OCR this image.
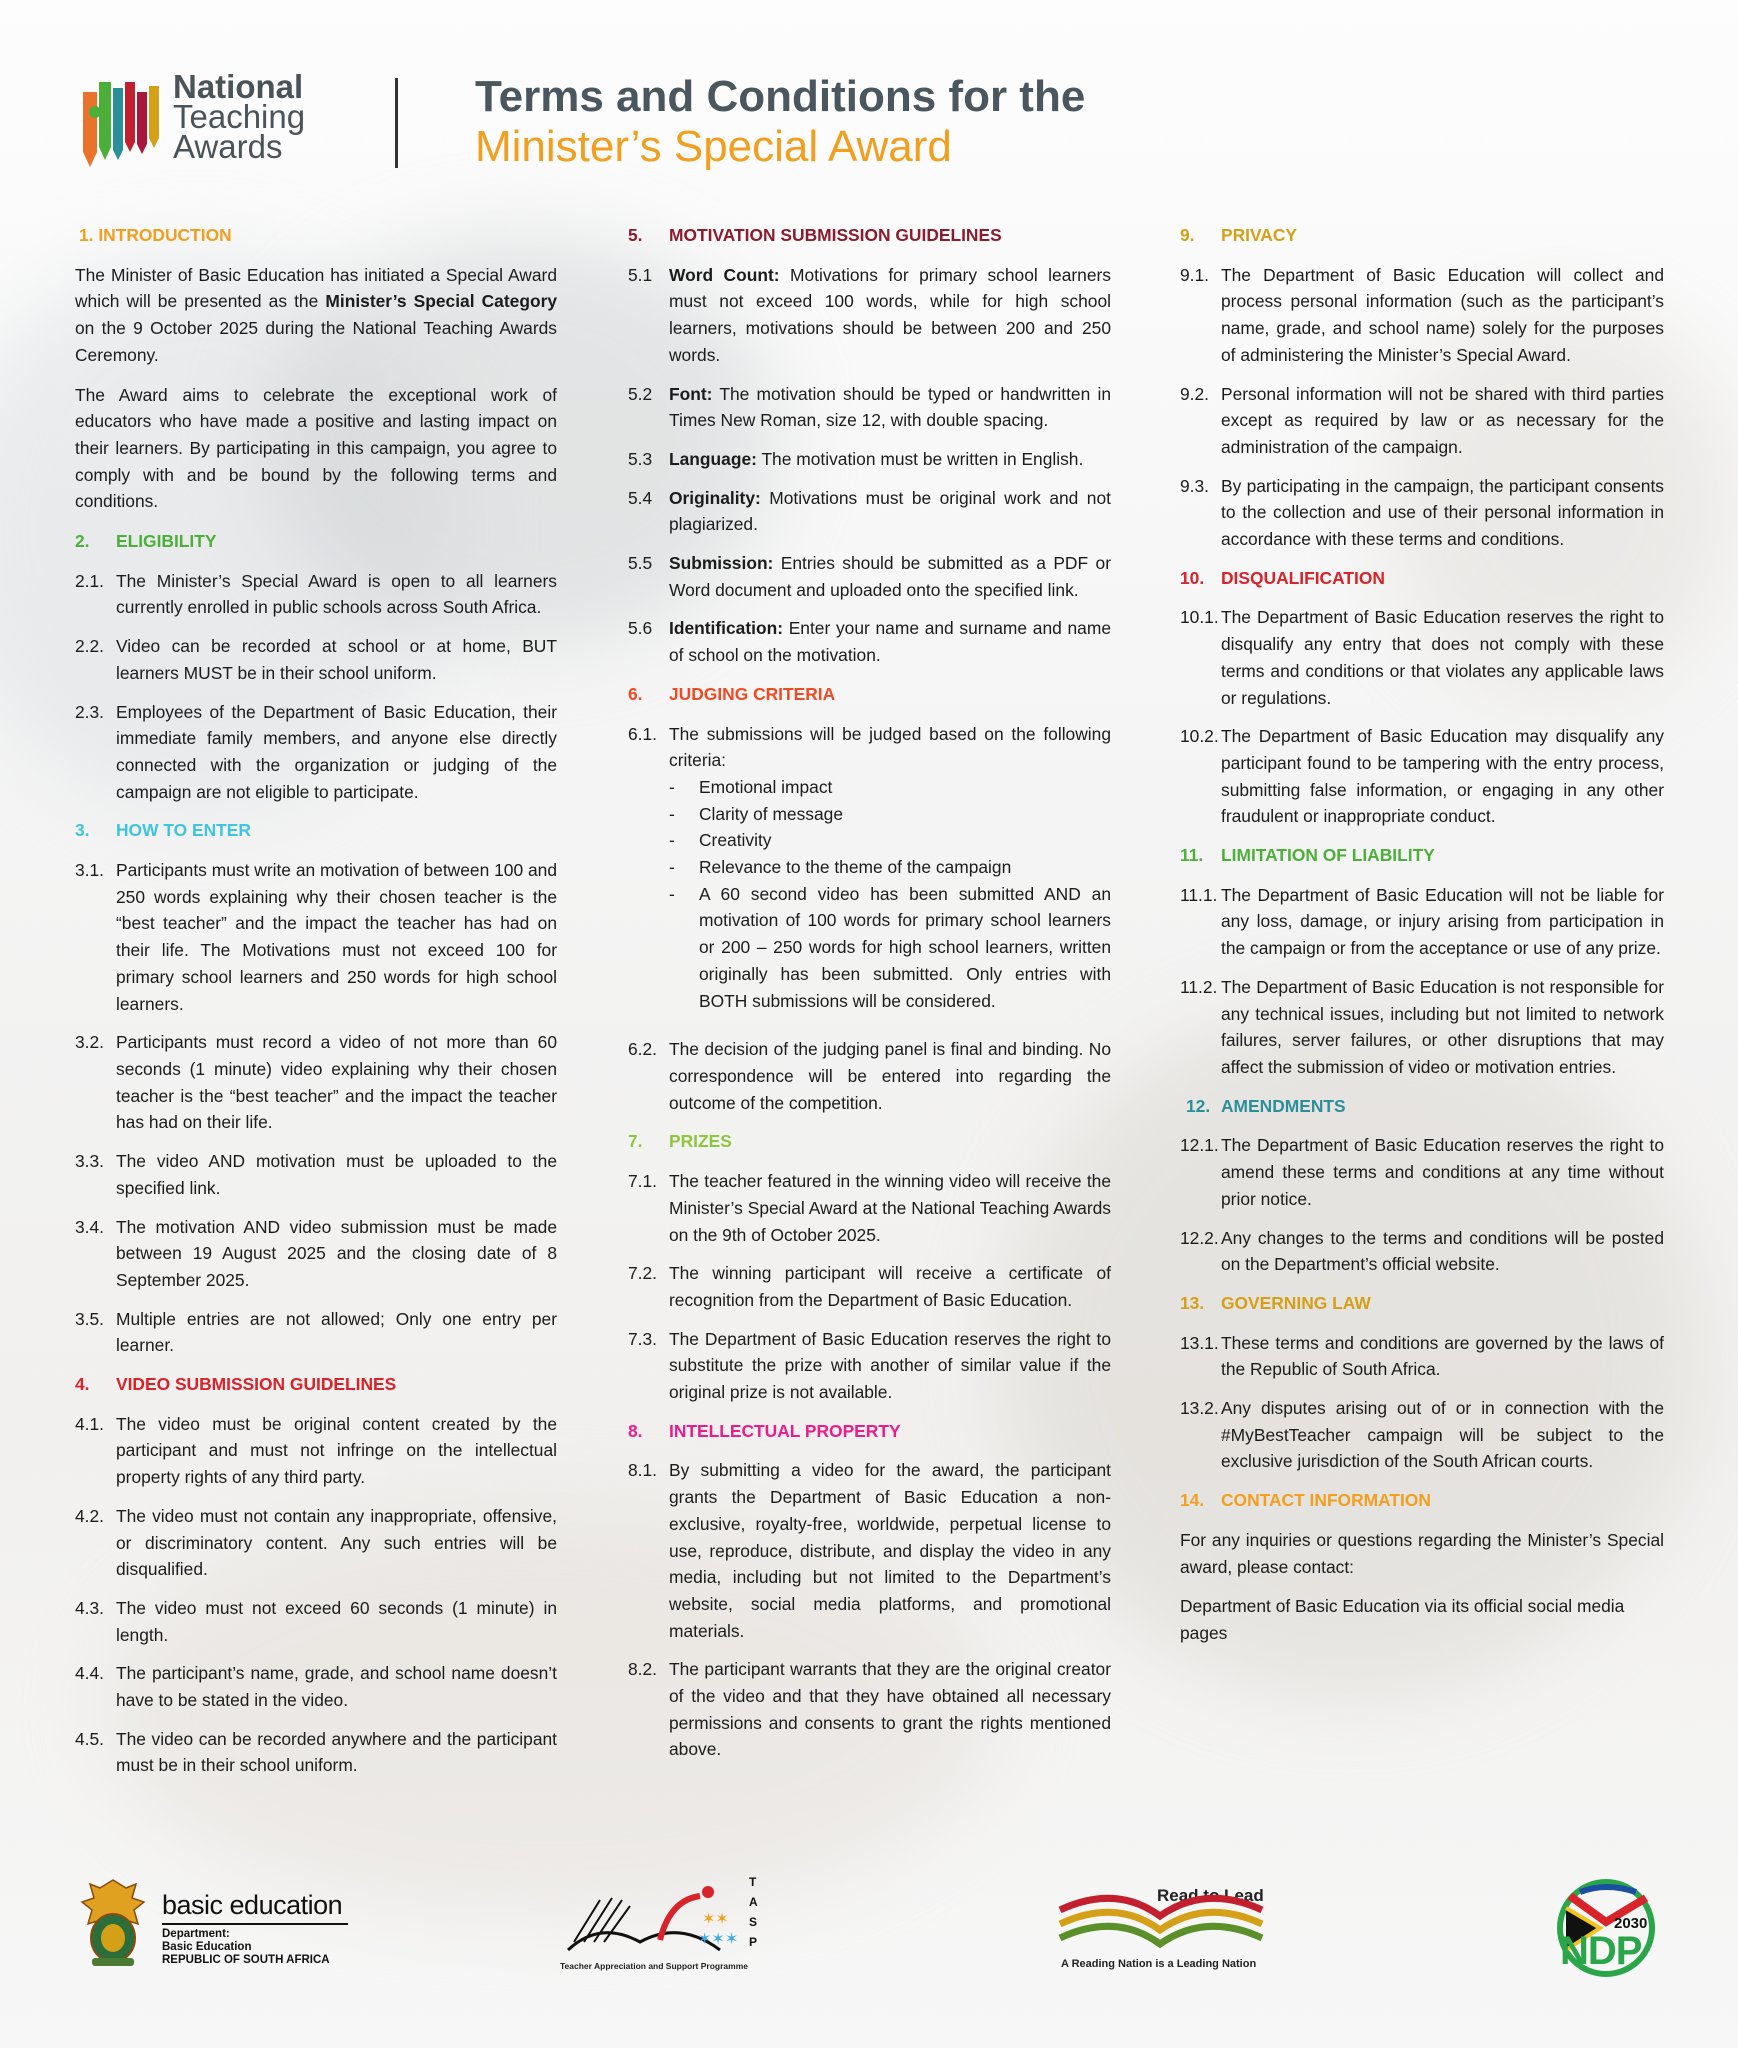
National
Teaching
Awards
Terms and Conditions for the
Minister’s Special Award
1. INTRODUCTION

The Minister of Basic Education has initiated a Special Award which will be presented as the Minister’s Special Category on the 9 October 2025 during the National Teaching Awards Ceremony.

The Award aims to celebrate the exceptional work of educators who have made a positive and lasting impact on their learners. By participating in this campaign, you agree to comply with and be bound by the following terms and conditions.

2.	ELIGIBILITY
2.1. The Minister’s Special Award is open to all learners currently enrolled in public schools across South Africa.
2.2. Video can be recorded at school or at home, BUT learners MUST be in their school uniform.
2.3. Employees of the Department of Basic Education, their immediate family members, and anyone else directly connected with the organization or judging of the campaign are not eligible to participate.
3.	HOW TO ENTER
3.1. Participants must write an motivation of between 100 and 250 words explaining why their chosen teacher is the “best teacher” and the impact the teacher has had on their life. The Motivations must not exceed 100 for primary school learners and 250 words for high school learners.
3.2. Participants must record a video of not more than 60 seconds (1 minute) video explaining why their chosen teacher is the “best teacher” and the impact the teacher has had on their life.
3.3. The video AND motivation must be uploaded to the specified link.
3.4. The motivation AND video submission must be made between 19 August 2025 and the closing date of 8 September 2025.
3.5. Multiple entries are not allowed; Only one entry per learner.
4.	VIDEO SUBMISSION GUIDELINES
4.1. The video must be original content created by the participant and must not infringe on the intellectual property rights of any third party.
4.2. The video must not contain any inappropriate, offensive, or discriminatory content. Any such entries will be disqualified.
4.3. The video must not exceed 60 seconds (1 minute) in length.
4.4. The participant’s name, grade, and school name doesn’t have to be stated in the video.
4.5. The video can be recorded anywhere and the participant must be in their school uniform.
5.	MOTIVATION SUBMISSION GUIDELINES
5.1 Word Count: Motivations for primary school learners must not exceed 100 words, while for high school learners, motivations should be between 200 and 250 words.
5.2 Font: The motivation should be typed or handwritten in Times New Roman, size 12, with double spacing.
5.3 Language: The motivation must be written in English.
5.4 Originality: Motivations must be original work and not plagiarized.
5.5 Submission: Entries should be submitted as a PDF or Word document and uploaded onto the specified link.
5.6 Identification: Enter your name and surname and name of school on the motivation.
6.	JUDGING CRITERIA
6.1. The submissions will be judged based on the following criteria:
-	Emotional impact
-	Clarity of message
-	Creativity
-	Relevance to the theme of the campaign
-	A 60 second video has been submitted AND an motivation of 100 words for primary school learners or 200 – 250 words for high school learners, written originally has been submitted. Only entries with BOTH submissions will be considered.
6.2. The decision of the judging panel is final and binding. No correspondence will be entered into regarding the outcome of the competition.
7.	PRIZES
7.1. The teacher featured in the winning video will receive the Minister’s Special Award at the National Teaching Awards on the 9th of October 2025.
7.2. The winning participant will receive a certificate of recognition from the Department of Basic Education.
7.3. The Department of Basic Education reserves the right to substitute the prize with another of similar value if the original prize is not available.
8.	INTELLECTUAL PROPERTY
8.1. By submitting a video for the award, the participant grants the Department of Basic Education a non-exclusive, royalty-free, worldwide, perpetual license to use, reproduce, distribute, and display the video in any media, including but not limited to the Department’s website, social media platforms, and promotional materials.
8.2. The participant warrants that they are the original creator of the video and that they have obtained all necessary permissions and consents to grant the rights mentioned above.
9.	PRIVACY
9.1. The Department of Basic Education will collect and process personal information (such as the participant’s name, grade, and school name) solely for the purposes of administering the Minister’s Special Award.
9.2. Personal information will not be shared with third parties except as required by law or as necessary for the administration of the campaign.
9.3. By participating in the campaign, the participant consents to the collection and use of their personal information in accordance with these terms and conditions.
10. DISQUALIFICATION
10.1. The Department of Basic Education reserves the right to disqualify any entry that does not comply with these terms and conditions or that violates any applicable laws or regulations.
10.2. The Department of Basic Education may disqualify any participant found to be tampering with the entry process, submitting false information, or engaging in any other fraudulent or inappropriate conduct.
11.	LIMITATION OF LIABILITY
11.1. The Department of Basic Education will not be liable for any loss, damage, or injury arising from participation in the campaign or from the acceptance or use of any prize.
11.2. The Department of Basic Education is not responsible for any technical issues, including but not limited to network failures, server failures, or other disruptions that may affect the submission of video or motivation entries.
12. AMENDMENTS
12.1. The Department of Basic Education reserves the right to amend these terms and conditions at any time without prior notice.
12.2. Any changes to the terms and conditions will be posted on the Department’s official website.
13. GOVERNING LAW
13.1. These terms and conditions are governed by the laws of the Republic of South Africa.
13.2. Any disputes arising out of or in connection with the #MyBestTeacher campaign will be subject to the exclusive jurisdiction of the South African courts.
14. CONTACT INFORMATION

For any inquiries or questions regarding the Minister’s Special award, please contact:

Department of Basic Education via its official social media pages

basic education
Department:
Basic Education
REPUBLIC OF SOUTH AFRICA
✶✶
✶✶✶
Teacher Appreciation and Support Programme
T
A
S
P
Read to Lead
A Reading Nation is a Leading Nation
2030
NDP
